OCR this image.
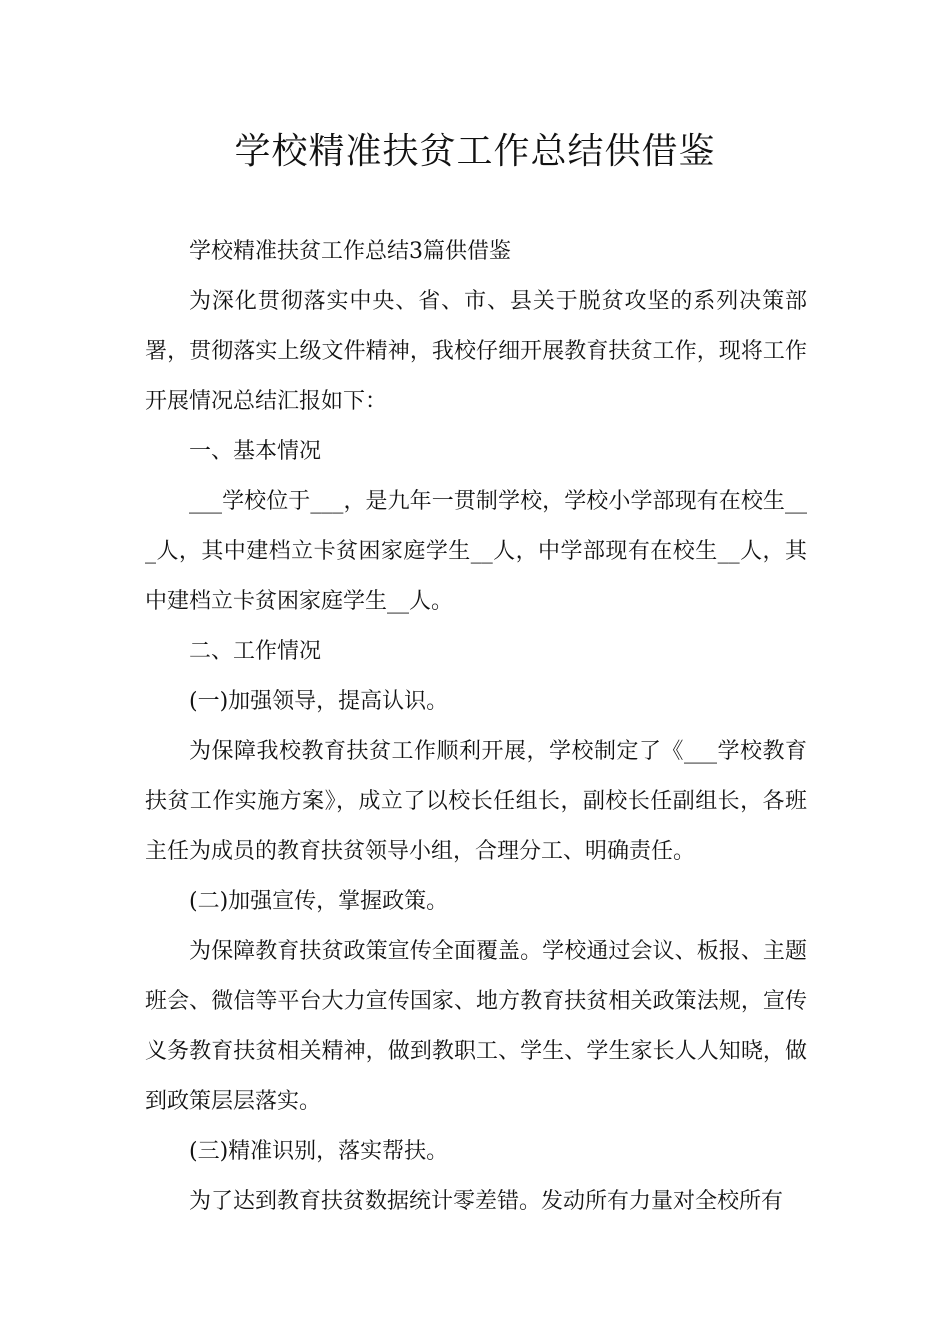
学校精准扶贫工作总结供借鉴

学校精准扶贫工作总结3篇供借鉴

为深化贯彻落实中央、省、市、县关于脱贫攻坚的系列决策部署，贯彻落实上级文件精神，我校仔细开展教育扶贫工作，现将工作开展情况总结汇报如下：

一、基本情况

___学校位于___，是九年一贯制学校，学校小学部现有在校生___人，其中建档立卡贫困家庭学生__人，中学部现有在校生__人，其中建档立卡贫困家庭学生__人。

二、工作情况

(一)加强领导，提高认识。

为保障我校教育扶贫工作顺利开展，学校制定了《___学校教育扶贫工作实施方案》，成立了以校长任组长，副校长任副组长，各班主任为成员的教育扶贫领导小组，合理分工、明确责任。

(二)加强宣传，掌握政策。

为保障教育扶贫政策宣传全面覆盖。学校通过会议、板报、主题班会、微信等平台大力宣传国家、地方教育扶贫相关政策法规，宣传义务教育扶贫相关精神，做到教职工、学生、学生家长人人知晓，做到政策层层落实。

(三)精准识别，落实帮扶。

为了达到教育扶贫数据统计零差错。发动所有力量对全校所有
